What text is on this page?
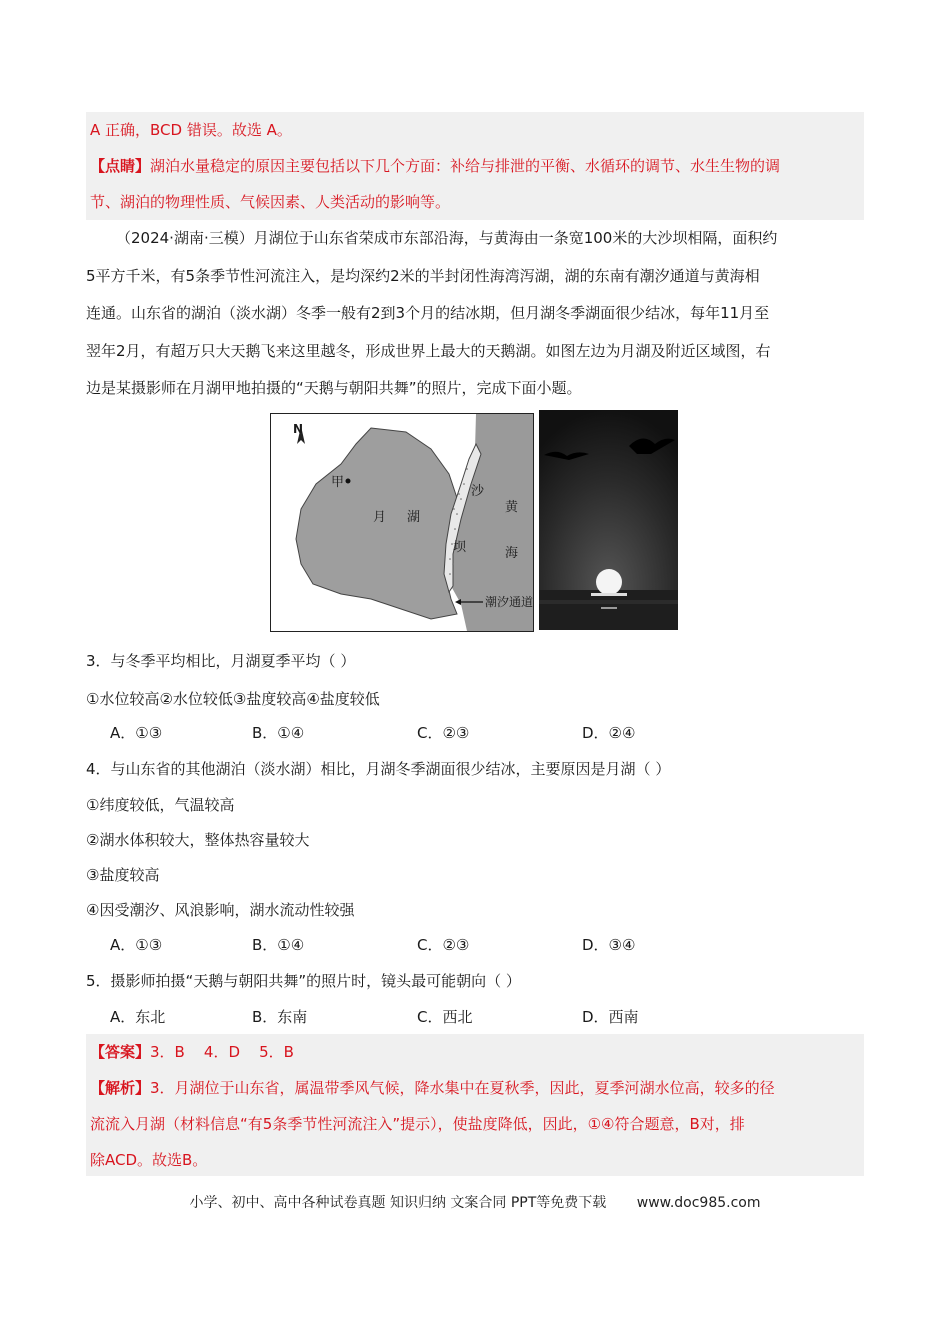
A 正确，BCD 错误。故选 A。

【点睛】湖泊水量稳定的原因主要包括以下几个方面：补给与排泄的平衡、水循环的调节、水生生物的调

节、湖泊的物理性质、气候因素、人类活动的影响等。

（2024·湖南·三模）月湖位于山东省荣成市东部沿海，与黄海由一条宽100米的大沙坝相隔，面积约

5平方千米，有5条季节性河流注入，是均深约2米的半封闭性海湾泻湖，湖的东南有潮汐通道与黄海相

连通。山东省的湖泊（淡水湖）冬季一般有2到3个月的结冰期，但月湖冬季湖面很少结冰，每年11月至

翌年2月，有超万只大天鹅飞来这里越冬，形成世界上最大的天鹅湖。如图左边为月湖及附近区域图，右

边是某摄影师在月湖甲地拍摄的“天鹅与朝阳共舞”的照片，完成下面小题。

N
甲
月 湖
沙
坝
黄
海
潮汐通道
3．与冬季平均相比，月湖夏季平均（ ）
①水位较高②水位较低③盐度较高④盐度较低
A．①③	B．①④	C．②③	D．②④
4．与山东省的其他湖泊（淡水湖）相比，月湖冬季湖面很少结冰，主要原因是月湖（ ）
①纬度较低，气温较高
②湖水体积较大，整体热容量较大
③盐度较高
④因受潮汐、风浪影响，湖水流动性较强
A．①③	B．①④	C．②③	D．③④
5．摄影师拍摄“天鹅与朝阳共舞”的照片时，镜头最可能朝向（ ）
A．东北	B．东南	C．西北	D．西南

【答案】3．B    4．D    5．B

【解析】3．月湖位于山东省，属温带季风气候，降水集中在夏秋季，因此，夏季河湖水位高，较多的径

流流入月湖（材料信息“有5条季节性河流注入”提示），使盐度降低，因此，①④符合题意，B对，排

除ACD。故选B。

小学、初中、高中各种试卷真题 知识归纳 文案合同 PPT等免费下载 www.doc985.com
